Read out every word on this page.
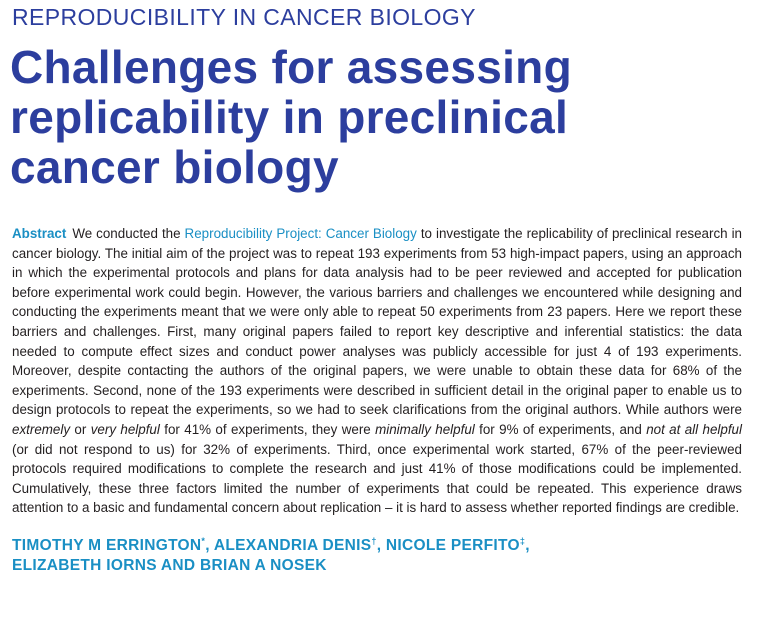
REPRODUCIBILITY IN CANCER BIOLOGY
Challenges for assessing
replicability in preclinical
cancer biology

Abstract We conducted the Reproducibility Project: Cancer Biology to investigate the replicability of preclinical research in cancer biology. The initial aim of the project was to repeat 193 experiments from 53 high-impact papers, using an approach in which the experimental protocols and plans for data analysis had to be peer reviewed and accepted for publication before experimental work could begin. However, the various barriers and challenges we encountered while designing and conducting the experiments meant that we were only able to repeat 50 experiments from 23 papers. Here we report these barriers and challenges. First, many original papers failed to report key descriptive and inferential statistics: the data needed to compute effect sizes and conduct power analyses was publicly accessible for just 4 of 193 experiments. Moreover, despite contacting the authors of the original papers, we were unable to obtain these data for 68% of the experiments. Second, none of the 193 experiments were described in sufficient detail in the original paper to enable us to design protocols to repeat the experiments, so we had to seek clarifications from the original authors. While authors were extremely or very helpful for 41% of experiments, they were minimally helpful for 9% of experiments, and not at all helpful (or did not respond to us) for 32% of experiments. Third, once experimental work started, 67% of the peer-reviewed protocols required modifications to complete the research and just 41% of those modifications could be implemented. Cumulatively, these three factors limited the number of experiments that could be repeated. This experience draws attention to a basic and fundamental concern about replication – it is hard to assess whether reported findings are credible.

TIMOTHY M ERRINGTON*, ALEXANDRIA DENIS†, NICOLE PERFITO‡,
ELIZABETH IORNS AND BRIAN A NOSEK
